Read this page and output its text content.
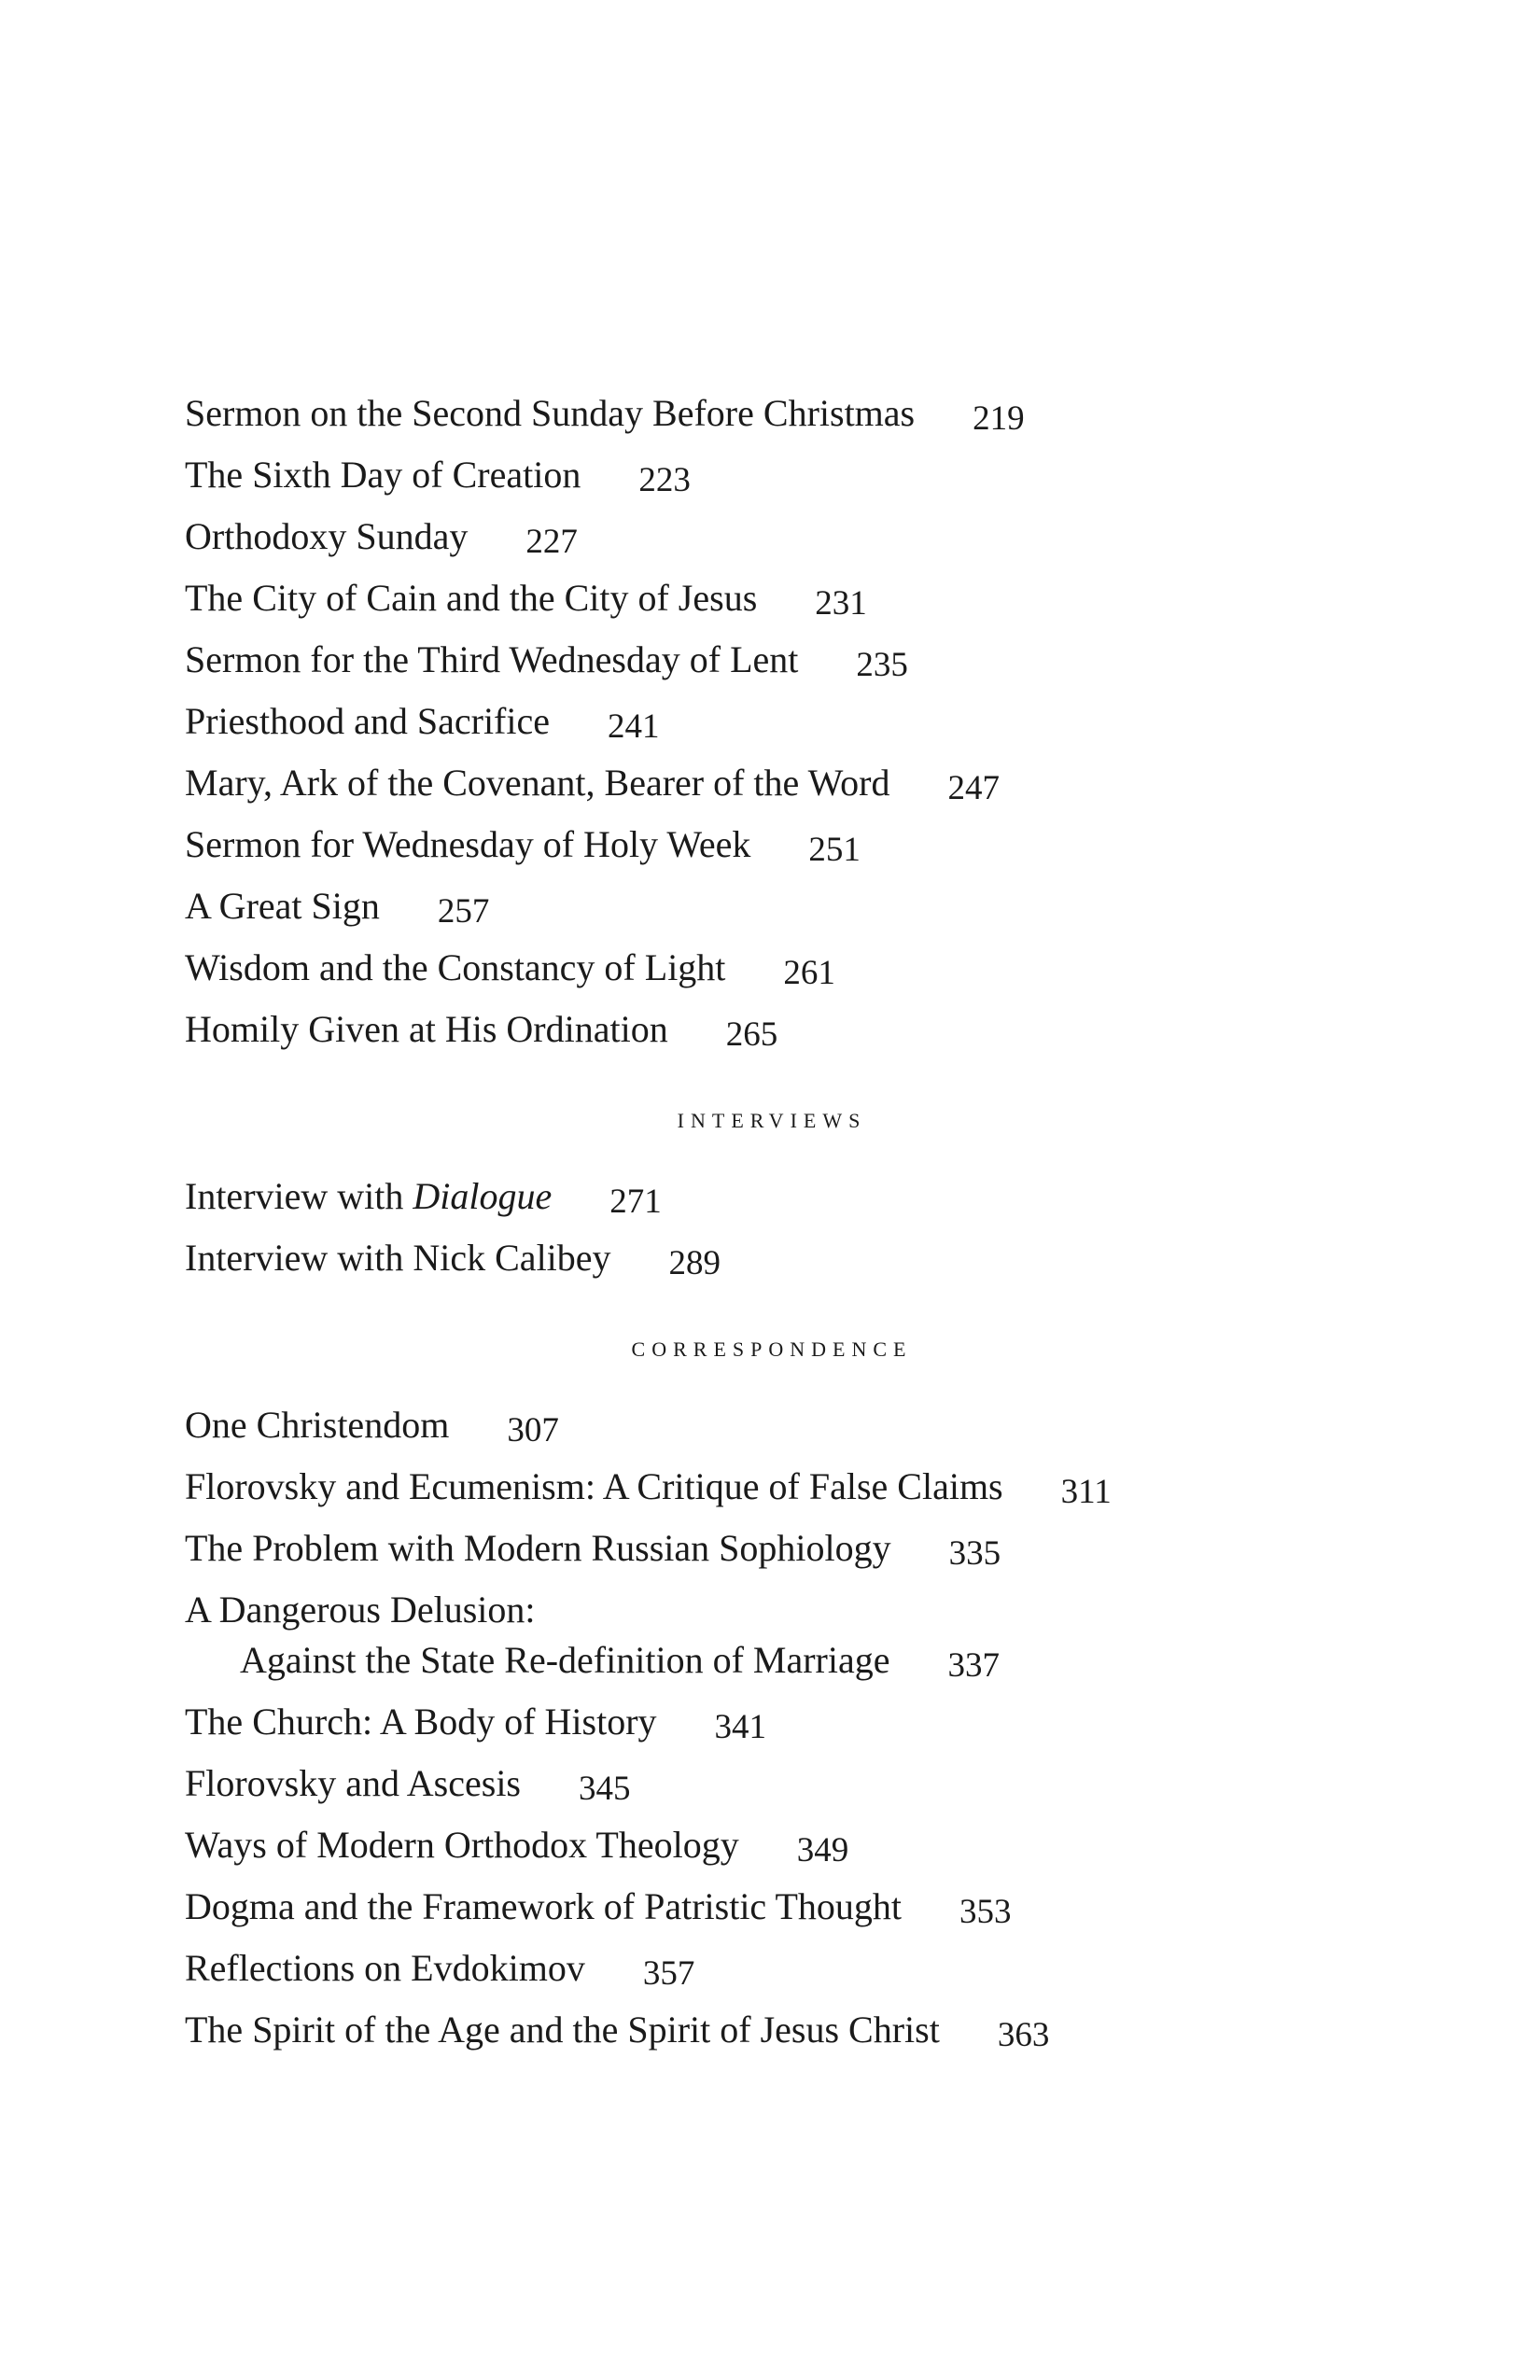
Sermon on the Second Sunday Before Christmas 219
The Sixth Day of Creation 223
Orthodoxy Sunday 227
The City of Cain and the City of Jesus 231
Sermon for the Third Wednesday of Lent 235
Priesthood and Sacrifice 241
Mary, Ark of the Covenant, Bearer of the Word 247
Sermon for Wednesday of Holy Week 251
A Great Sign 257
Wisdom and the Constancy of Light 261
Homily Given at His Ordination 265
interviews
Interview with Dialogue 271
Interview with Nick Calibey 289
correspondence
One Christendom 307
Florovsky and Ecumenism: A Critique of False Claims 311
The Problem with Modern Russian Sophiology 335
A Dangerous Delusion:
Against the State Re-definition of Marriage 337
The Church: A Body of History 341
Florovsky and Ascesis 345
Ways of Modern Orthodox Theology 349
Dogma and the Framework of Patristic Thought 353
Reflections on Evdokimov 357
The Spirit of the Age and the Spirit of Jesus Christ 363
